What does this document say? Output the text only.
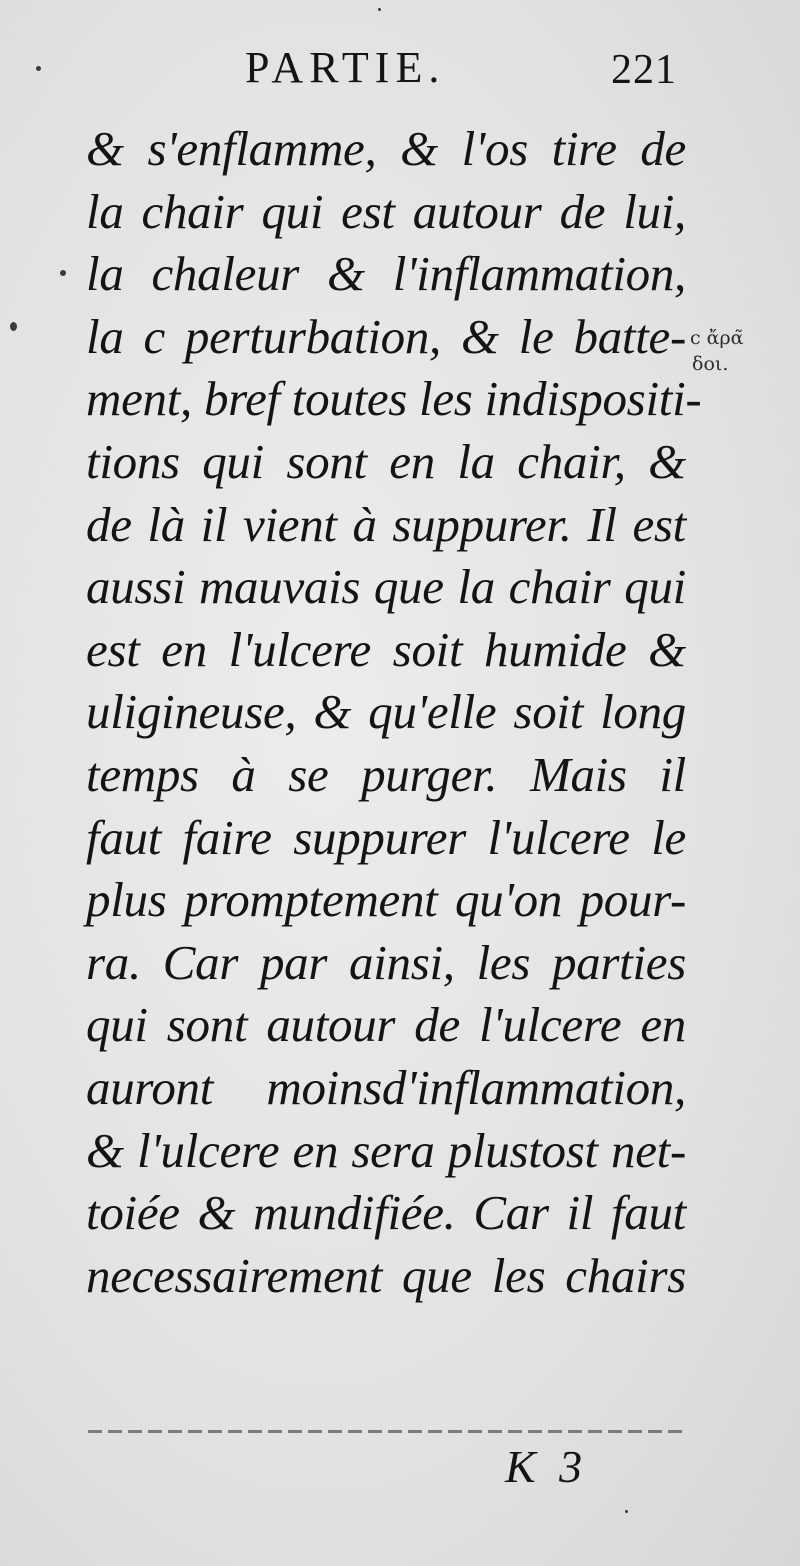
PARTIE.	221
& s'enflamme, & l'os tire de
la chair qui est autour de lui,
la chaleur & l'inflammation,
la c perturbation, & le batte-
ment, bref toutes les indispositi-
tions qui sont en la chair, &
de là il vient à suppurer. Il est
aussi mauvais que la chair qui
est en l'ulcere soit humide &
uligineuse, & qu'elle soit long
temps à se purger. Mais il
faut faire suppurer l'ulcere le
plus promptement qu'on pour-
ra. Car par ainsi, les parties
qui sont autour de l'ulcere en
auront moinsd'inflammation,
& l'ulcere en sera plustost net-
toiée & mundifiée. Car il faut
necessairement que les chairs
c ἄρα̃
δοι.
K 3
